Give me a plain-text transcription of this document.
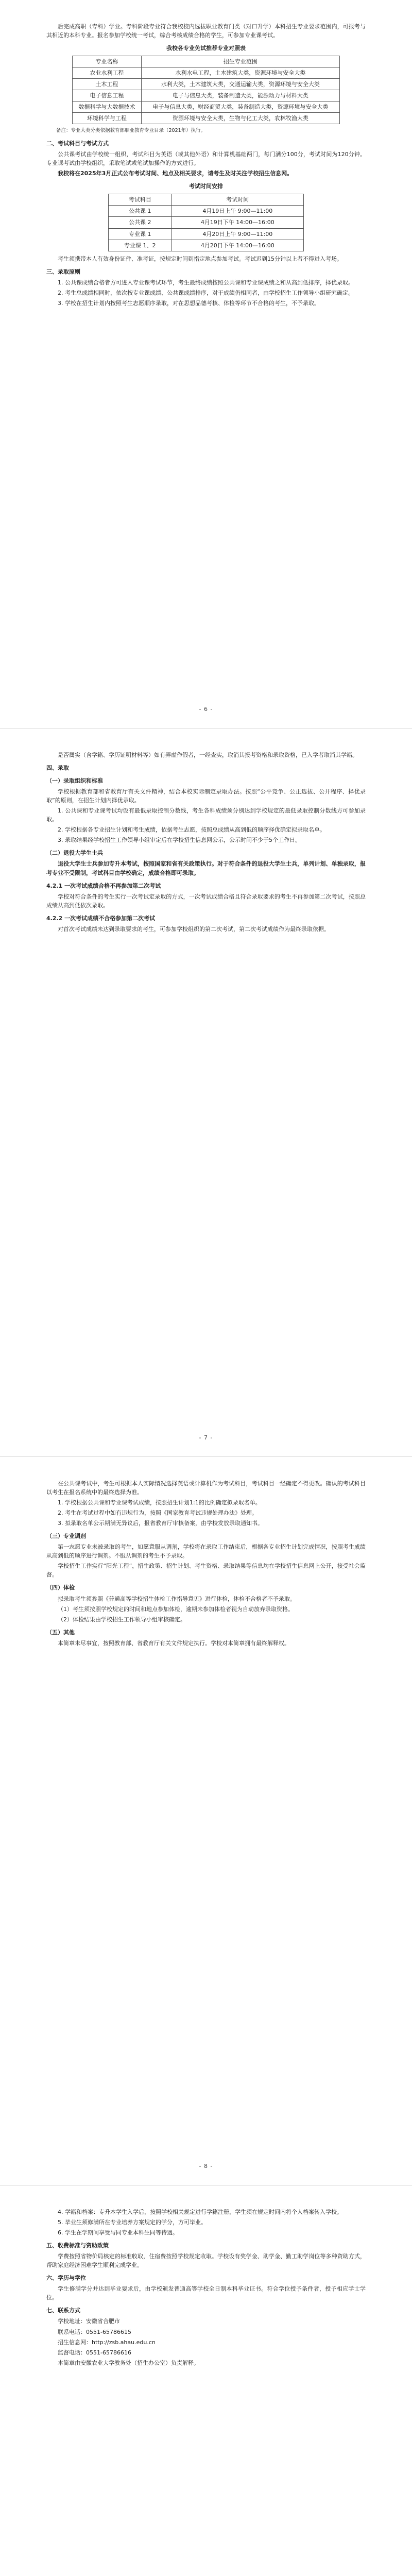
后完成高职（专科）学业。专科阶段专业符合我校校内选拔职业教育门类（对口升学）本科招生专业要求范围内，可报考与其相近的本科专业。报名参加学校统一考试，综合考核成绩合格的学生，可参加专业课考试。
我校各专业免试推荐专业对照表
专业名称	招生专业范围
农业水利工程	水利水电工程，土木建筑大类，资源环境与安全大类
土木工程	水利大类，土木建筑大类，交通运输大类，资源环境与安全大类
电子信息工程	电子与信息大类，装备制造大类，能源动力与材料大类
数据科学与大数据技术	电子与信息大类，财经商贸大类，装备制造大类，资源环境与安全大类
环境科学与工程	资源环境与安全大类，生物与化工大类，农林牧渔大类
备注：专业大类分类依据教育部职业教育专业目录（2021年）执行。
二、考试科目与考试方式
公共课考试由学校统一组织，考试科目为英语（或其他外语）和计算机基础两门，每门满分100分，考试时间为120分钟。专业课考试由学校组织，采取笔试或笔试加操作的方式进行。
我校将在2025年3月正式公布考试时间、地点及相关要求，请考生及时关注学校招生信息网。
考试时间安排
考试科目	考试时间
公共课 1	4月19日上午 9:00—11:00
公共课 2	4月19日下午 14:00—16:00
专业课 1	4月20日上午 9:00—11:00
专业课 1、2	4月20日下午 14:00—16:00
考生须携带本人有效身份证件、准考证，按规定时间到指定地点参加考试。考试迟到15分钟以上者不得进入考场。
三、录取原则
1. 公共课成绩合格者方可进入专业课考试环节，考生最终成绩按照公共课和专业课成绩之和从高到低排序，择优录取。
2. 考生总成绩相同时，依次按专业课成绩、公共课成绩排序，对于成绩仍相同者，由学校招生工作领导小组研究确定。
3. 学校在招生计划内按照考生志愿顺序录取，对在思想品德考核、体检等环节不合格的考生，不予录取。
- 6 -
是否属实（含学籍、学历证明材料等）如有弄虚作假者，一经查实，取消其报考资格和录取资格，已入学者取消其学籍。
四、录取
（一）录取组织和标准
学校根据教育部和省教育厅有关文件精神，结合本校实际制定录取办法。按照“公平竞争、公正选拔、公开程序、择优录取”的原则，在招生计划内择优录取。
1. 公共课和专业课考试均设有最低录取控制分数线，考生各科成绩须分别达到学校规定的最低录取控制分数线方可参加录取。
2. 学校根据各专业招生计划和考生成绩，依据考生志愿，按照总成绩从高到低的顺序择优确定拟录取名单。
3. 录取结果经学校招生工作领导小组审定后在学校招生信息网公示，公示时间不少于5个工作日。
（二）退役大学生士兵
退役大学生士兵参加专升本考试，按照国家和省有关政策执行。对于符合条件的退役大学生士兵，单列计划、单独录取，报考专业不受限制，考试科目由学校确定，成绩合格即可录取。
4.2.1 一次考试成绩合格不再参加第二次考试
学校对符合条件的考生实行一次考试定录取的方式，一次考试成绩合格且符合录取要求的考生不再参加第二次考试，按照总成绩从高到低依次录取。
4.2.2 一次考试成绩不合格参加第二次考试
对首次考试成绩未达到录取要求的考生，可参加学校组织的第二次考试，第二次考试成绩作为最终录取依据。
- 7 -
在公共课考试中，考生可根据本人实际情况选择英语或计算机作为考试科目，考试科目一经确定不得更改。确认的考试科目以考生在报名系统中的最终选择为准。
1. 学校根据公共课和专业课考试成绩，按照招生计划1:1的比例确定拟录取名单。
2. 考生在考试过程中如有违规行为，按照《国家教育考试违规处理办法》处理。
3. 拟录取名单公示期满无异议后，报省教育厅审核备案，由学校发放录取通知书。
（三）专业调剂
第一志愿专业未被录取的考生，如愿意服从调剂，学校将在录取工作结束后，根据各专业招生计划完成情况，按照考生成绩从高到低的顺序进行调剂。不服从调剂的考生不予录取。
学校招生工作实行“阳光工程”，招生政策、招生计划、考生资格、录取结果等信息均在学校招生信息网上公开，接受社会监督。
（四）体检
拟录取考生须参照《普通高等学校招生体检工作指导意见》进行体检，体检不合格者不予录取。
（1）考生须按照学校规定的时间和地点参加体检，逾期未参加体检者视为自动放弃录取资格。
（2）体检结果由学校招生工作领导小组审核确定。
（五）其他
本简章未尽事宜，按照教育部、省教育厅有关文件规定执行。学校对本简章拥有最终解释权。
- 8 -
4. 学籍和档案：专升本学生入学后，按照学校相关规定进行学籍注册，学生须在规定时间内将个人档案转入学校。
5. 毕业生须修满所在专业培养方案规定的学分，方可毕业。
6. 学生在学期间享受与同专业本科生同等待遇。
五、收费标准与资助政策
学费按照省物价局核定的标准收取，住宿费按照学校规定收取。学校设有奖学金、助学金、勤工助学岗位等多种资助方式，帮助家庭经济困难学生顺利完成学业。
六、学历与学位
学生修满学分并达到毕业要求后，由学校颁发普通高等学校全日制本科毕业证书。符合学位授予条件者，授予相应学士学位。
七、联系方式
学校地址：安徽省合肥市
联系电话：0551-65786615
招生信息网：http://zsb.ahau.edu.cn
监督电话：0551-65786616
本简章由安徽农业大学教务处（招生办公室）负责解释。
